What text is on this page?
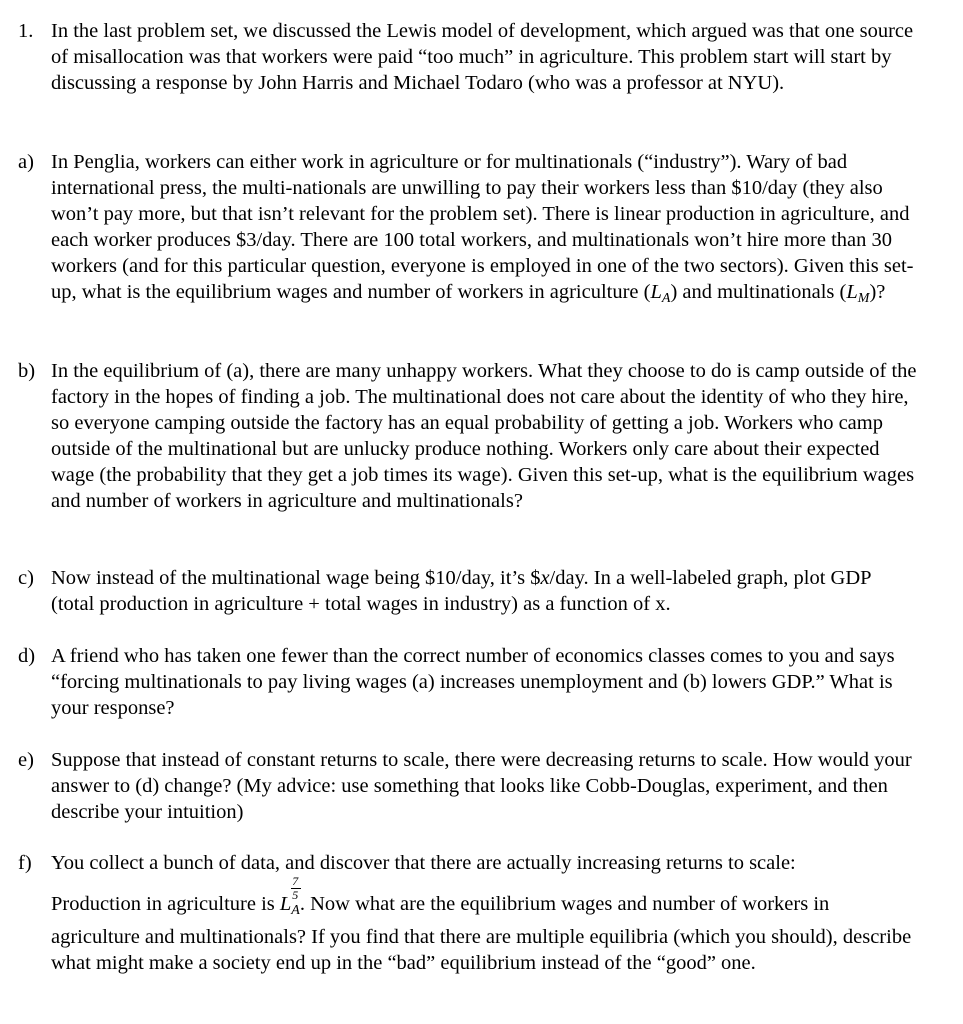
1. In the last problem set, we discussed the Lewis model of development, which argued was that one source of misallocation was that workers were paid “too much” in agriculture. This problem start will start by discussing a response by John Harris and Michael Todaro (who was a professor at NYU).
a) In Penglia, workers can either work in agriculture or for multinationals (“industry”). Wary of bad international press, the multi-nationals are unwilling to pay their workers less than $10/day (they also won’t pay more, but that isn’t relevant for the problem set). There is linear production in agriculture, and each worker produces $3/day. There are 100 total workers, and multinationals won’t hire more than 30 workers (and for this particular question, everyone is employed in one of the two sectors). Given this set-up, what is the equilibrium wages and number of workers in agriculture $(L_A)$ and multinationals $(L_M)$?
b) In the equilibrium of (a), there are many unhappy workers. What they choose to do is camp outside of the factory in the hopes of finding a job. The multinational does not care about the identity of who they hire, so everyone camping outside the factory has an equal probability of getting a job. Workers who camp outside of the multinational but are unlucky produce nothing. Workers only care about their expected wage (the probability that they get a job times its wage). Given this set-up, what is the equilibrium wages and number of workers in agriculture and multinationals?
c) Now instead of the multinational wage being $10/day, it’s $x/day. In a well-labeled graph, plot GDP (total production in agriculture + total wages in industry) as a function of x.
d) A friend who has taken one fewer than the correct number of economics classes comes to you and says “forcing multinationals to pay living wages (a) increases unemployment and (b) lowers GDP.” What is your response?
e) Suppose that instead of constant returns to scale, there were decreasing returns to scale. How would your answer to (d) change? (My advice: use something that looks like Cobb-Douglas, experiment, and then describe your intuition)
f) You collect a bunch of data, and discover that there are actually increasing returns to scale:
Production in agriculture is L $\frac{7}{5}$
$_A$. Now what are the equilibrium wages and number of workers in agriculture and multinationals? If you find that there are multiple equilibria (which you should), describe what might make a society end up in the “bad” equilibrium instead of the “good” one.
